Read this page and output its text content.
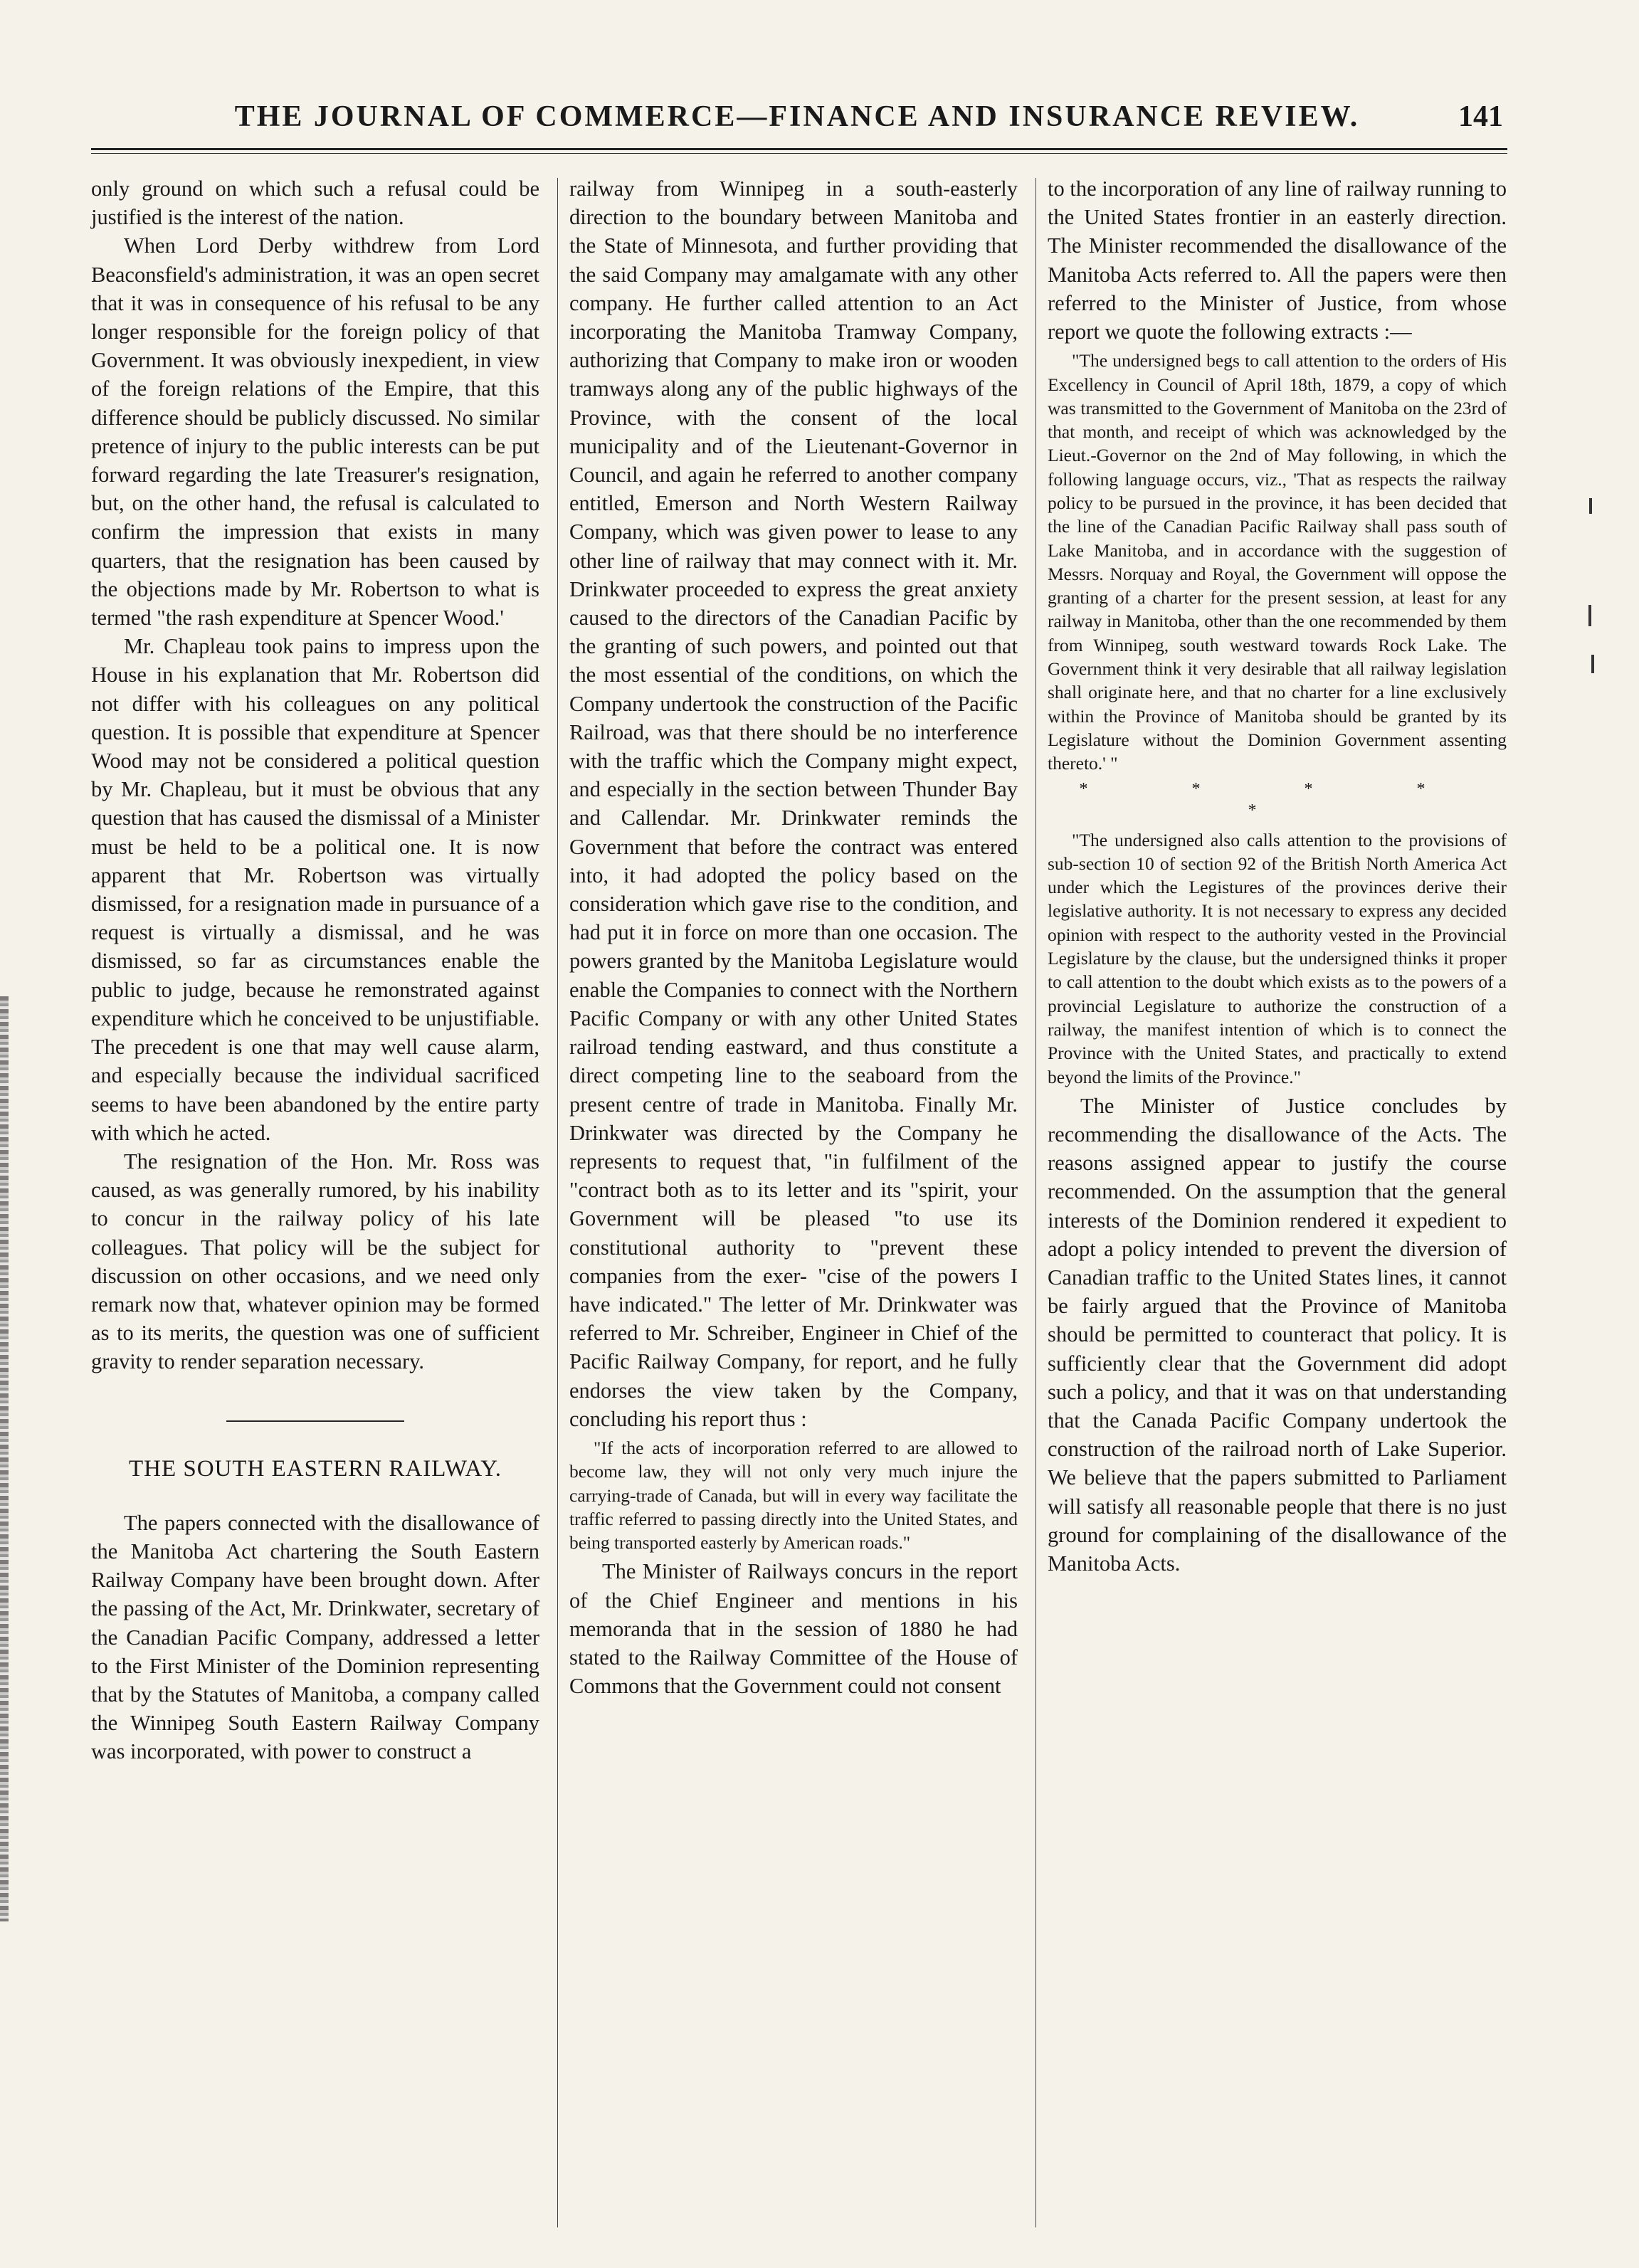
THE JOURNAL OF COMMERCE—FINANCE AND INSURANCE REVIEW.	141

only ground on which such a refusal could be justified is the interest of the nation.

When Lord Derby withdrew from Lord Beaconsfield's administration, it was an open secret that it was in consequence of his refusal to be any longer responsible for the foreign policy of that Government. It was obviously inexpedient, in view of the foreign relations of the Empire, that this difference should be publicly discussed. No similar pretence of injury to the public interests can be put forward regarding the late Treasurer's resignation, but, on the other hand, the refusal is calculated to confirm the impression that exists in many quarters, that the resignation has been caused by the objections made by Mr. Robertson to what is termed "the rash expenditure at Spencer Wood.'

Mr. Chapleau took pains to impress upon the House in his explanation that Mr. Robertson did not differ with his colleagues on any political question. It is possible that expenditure at Spencer Wood may not be considered a political question by Mr. Chapleau, but it must be obvious that any question that has caused the dismissal of a Minister must be held to be a political one. It is now apparent that Mr. Robertson was virtually dismissed, for a resignation made in pursuance of a request is virtually a dismissal, and he was dismissed, so far as circumstances enable the public to judge, because he remonstrated against expenditure which he conceived to be unjustifiable. The precedent is one that may well cause alarm, and especially because the individual sacrificed seems to have been abandoned by the entire party with which he acted.

The resignation of the Hon. Mr. Ross was caused, as was generally rumored, by his inability to concur in the railway policy of his late colleagues. That policy will be the subject for discussion on other occasions, and we need only remark now that, whatever opinion may be formed as to its merits, the question was one of sufficient gravity to render separation necessary.

THE SOUTH EASTERN RAILWAY.

The papers connected with the disallowance of the Manitoba Act chartering the South Eastern Railway Company have been brought down. After the passing of the Act, Mr. Drinkwater, secretary of the Canadian Pacific Company, addressed a letter to the First Minister of the Dominion representing that by the Statutes of Manitoba, a company called the Winnipeg South Eastern Railway Company was incorporated, with power to construct a

railway from Winnipeg in a south-easterly direction to the boundary between Manitoba and the State of Minnesota, and further providing that the said Company may amalgamate with any other company. He further called attention to an Act incorporating the Manitoba Tramway Company, authorizing that Company to make iron or wooden tramways along any of the public highways of the Province, with the consent of the local municipality and of the Lieutenant-Governor in Council, and again he referred to another company entitled, Emerson and North Western Railway Company, which was given power to lease to any other line of railway that may connect with it. Mr. Drinkwater proceeded to express the great anxiety caused to the directors of the Canadian Pacific by the granting of such powers, and pointed out that the most essential of the conditions, on which the Company undertook the construction of the Pacific Railroad, was that there should be no interference with the traffic which the Company might expect, and especially in the section between Thunder Bay and Callendar. Mr. Drinkwater reminds the Government that before the contract was entered into, it had adopted the policy based on the consideration which gave rise to the condition, and had put it in force on more than one occasion. The powers granted by the Manitoba Legislature would enable the Companies to connect with the Northern Pacific Company or with any other United States railroad tending eastward, and thus constitute a direct competing line to the seaboard from the present centre of trade in Manitoba. Finally Mr. Drinkwater was directed by the Company he represents to request that, "in fulfilment of the "contract both as to its letter and its "spirit, your Government will be pleased "to use its constitutional authority to "prevent these companies from the exer- "cise of the powers I have indicated." The letter of Mr. Drinkwater was referred to Mr. Schreiber, Engineer in Chief of the Pacific Railway Company, for report, and he fully endorses the view taken by the Company, concluding his report thus :

"If the acts of incorporation referred to are allowed to become law, they will not only very much injure the carrying-trade of Canada, but will in every way facilitate the traffic referred to passing directly into the United States, and being transported easterly by American roads."

The Minister of Railways concurs in the report of the Chief Engineer and mentions in his memoranda that in the session of 1880 he had stated to the Railway Committee of the House of Commons that the Government could not consent

to the incorporation of any line of railway running to the United States frontier in an easterly direction. The Minister recommended the disallowance of the Manitoba Acts referred to. All the papers were then referred to the Minister of Justice, from whose report we quote the following extracts :—

"The undersigned begs to call attention to the orders of His Excellency in Council of April 18th, 1879, a copy of which was transmitted to the Government of Manitoba on the 23rd of that month, and receipt of which was acknowledged by the Lieut.-Governor on the 2nd of May following, in which the following language occurs, viz., 'That as respects the railway policy to be pursued in the province, it has been decided that the line of the Canadian Pacific Railway shall pass south of Lake Manitoba, and in accordance with the suggestion of Messrs. Norquay and Royal, the Government will oppose the granting of a charter for the present session, at least for any railway in Manitoba, other than the one recommended by them from Winnipeg, south westward towards Rock Lake. The Government think it very desirable that all railway legislation shall originate here, and that no charter for a line exclusively within the Province of Manitoba should be granted by its Legislature without the Dominion Government assenting thereto.' "

* * * * *

"The undersigned also calls attention to the provisions of sub-section 10 of section 92 of the British North America Act under which the Legistures of the provinces derive their legislative authority. It is not necessary to express any decided opinion with respect to the authority vested in the Provincial Legislature by the clause, but the undersigned thinks it proper to call attention to the doubt which exists as to the powers of a provincial Legislature to authorize the construction of a railway, the manifest intention of which is to connect the Province with the United States, and practically to extend beyond the limits of the Province."

The Minister of Justice concludes by recommending the disallowance of the Acts. The reasons assigned appear to justify the course recommended. On the assumption that the general interests of the Dominion rendered it expedient to adopt a policy intended to prevent the diversion of Canadian traffic to the United States lines, it cannot be fairly argued that the Province of Manitoba should be permitted to counteract that policy. It is sufficiently clear that the Government did adopt such a policy, and that it was on that understanding that the Canada Pacific Company undertook the construction of the railroad north of Lake Superior. We believe that the papers submitted to Parliament will satisfy all reasonable people that there is no just ground for complaining of the disallowance of the Manitoba Acts.
